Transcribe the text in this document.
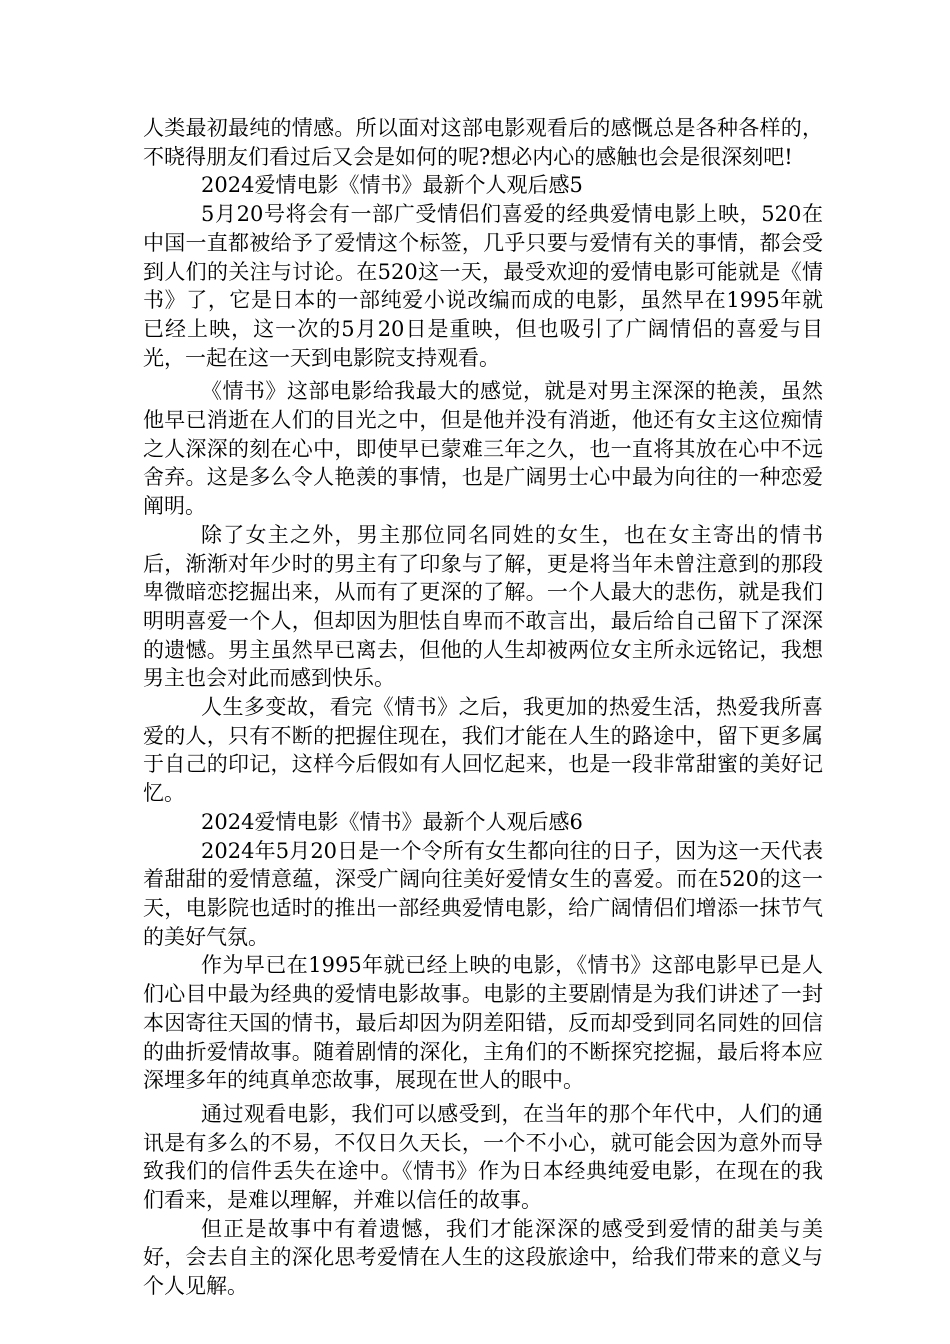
人类最初最纯的情感。所以面对这部电影观看后的感慨总是各种各样的，不晓得朋友们看过后又会是如何的呢?想必内心的感触也会是很深刻吧!

2024爱情电影《情书》最新个人观后感5

5月20号将会有一部广受情侣们喜爱的经典爱情电影上映，520在中国一直都被给予了爱情这个标签，几乎只要与爱情有关的事情，都会受到人们的关注与讨论。在520这一天，最受欢迎的爱情电影可能就是《情书》了，它是日本的一部纯爱小说改编而成的电影，虽然早在1995年就已经上映，这一次的5月20日是重映，但也吸引了广阔情侣的喜爱与目光，一起在这一天到电影院支持观看。

《情书》这部电影给我最大的感觉，就是对男主深深的艳羡，虽然他早已消逝在人们的目光之中，但是他并没有消逝，他还有女主这位痴情之人深深的刻在心中，即使早已蒙难三年之久，也一直将其放在心中不远舍弃。这是多么令人艳羡的事情，也是广阔男士心中最为向往的一种恋爱阐明。

除了女主之外，男主那位同名同姓的女生，也在女主寄出的情书后，渐渐对年少时的男主有了印象与了解，更是将当年未曾注意到的那段卑微暗恋挖掘出来，从而有了更深的了解。一个人最大的悲伤，就是我们明明喜爱一个人，但却因为胆怯自卑而不敢言出，最后给自己留下了深深的遗憾。男主虽然早已离去，但他的人生却被两位女主所永远铭记，我想男主也会对此而感到快乐。

人生多变故，看完《情书》之后，我更加的热爱生活，热爱我所喜爱的人，只有不断的把握住现在，我们才能在人生的路途中，留下更多属于自己的印记，这样今后假如有人回忆起来，也是一段非常甜蜜的美好记忆。

2024爱情电影《情书》最新个人观后感6

2024年5月20日是一个令所有女生都向往的日子，因为这一天代表着甜甜的爱情意蕴，深受广阔向往美好爱情女生的喜爱。而在520的这一天，电影院也适时的推出一部经典爱情电影，给广阔情侣们增添一抹节气的美好气氛。

作为早已在1995年就已经上映的电影，《情书》这部电影早已是人们心目中最为经典的爱情电影故事。电影的主要剧情是为我们讲述了一封本因寄往天国的情书，最后却因为阴差阳错，反而却受到同名同姓的回信的曲折爱情故事。随着剧情的深化，主角们的不断探究挖掘，最后将本应深埋多年的纯真单恋故事，展现在世人的眼中。

通过观看电影，我们可以感受到，在当年的那个年代中，人们的通讯是有多么的不易，不仅日久天长，一个不小心，就可能会因为意外而导致我们的信件丢失在途中。《情书》作为日本经典纯爱电影，在现在的我们看来，是难以理解，并难以信任的故事。

但正是故事中有着遗憾，我们才能深深的感受到爱情的甜美与美好，会去自主的深化思考爱情在人生的这段旅途中，给我们带来的意义与个人见解。
